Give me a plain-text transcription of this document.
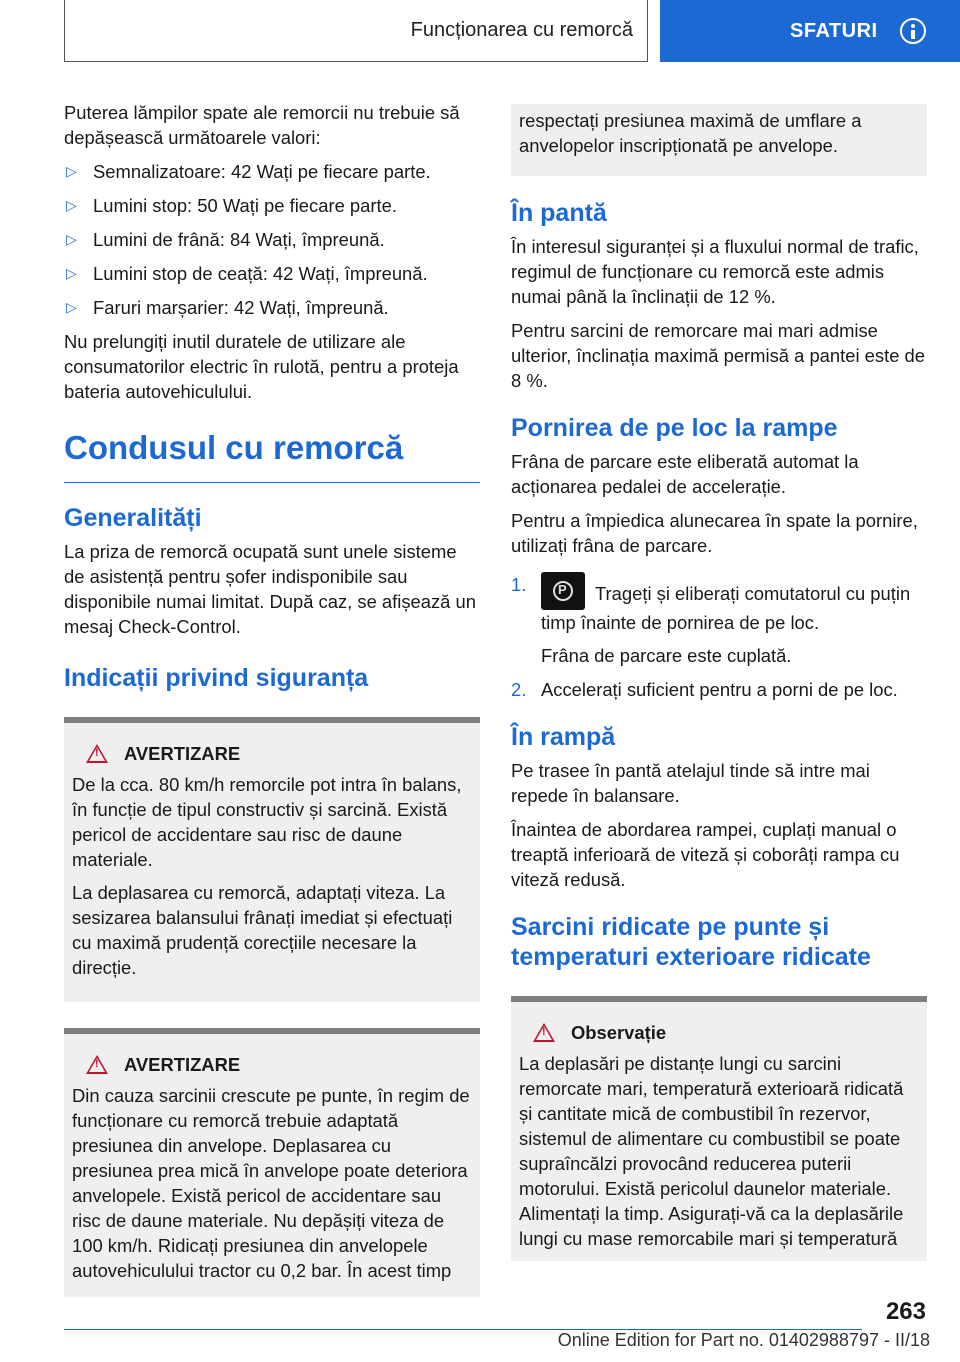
Funcționarea cu remorcă	SFATURI

Puterea lămpilor spate ale remorcii nu trebuie să depășească următoarele valori:

▷ Semnalizatoare: 42 Wați pe fiecare parte.
▷ Lumini stop: 50 Wați pe fiecare parte.
▷ Lumini de frână: 84 Wați, împreună.
▷ Lumini stop de ceață: 42 Wați, împreună.
▷ Faruri marșarier: 42 Wați, împreună.

Nu prelungiți inutil duratele de utilizare ale consumatorilor electric în rulotă, pentru a proteja bateria autovehiculului.

Condusul cu remorcă
Generalități

La priza de remorcă ocupată sunt unele sisteme de asistență pentru șofer indisponibile sau disponibile numai limitat. După caz, se afișează un mesaj Check-Control.

Indicații privind siguranța
!
AVERTIZARE

De la cca. 80 km/h remorcile pot intra în balans, în funcție de tipul constructiv și sarcină. Există pericol de accidentare sau risc de daune materiale.

La deplasarea cu remorcă, adaptați viteza. La sesizarea balansului frânați imediat și efectuați cu maximă prudență corecțiile necesare la direcție.

!
AVERTIZARE

Din cauza sarcinii crescute pe punte, în regim de funcționare cu remorcă trebuie adaptată presiunea din anvelope. Deplasarea cu presiunea prea mică în anvelope poate deteriora anvelopele. Există pericol de accidentare sau risc de daune materiale. Nu depășiți viteza de 100 km/h. Ridicați presiunea din anvelopele autovehiculului tractor cu 0,2 bar. În acest timp

respectați presiunea maximă de umflare a anvelopelor inscripționată pe anvelope.

În pantă

În interesul siguranței și a fluxului normal de trafic, regimul de funcționare cu remorcă este admis numai până la înclinații de 12 %.

Pentru sarcini de remorcare mai mari admise ulterior, înclinația maximă permisă a pantei este de 8 %.

Pornirea de pe loc la rampe

Frâna de parcare este eliberată automat la acționarea pedalei de accelerație.

Pentru a împiedica alunecarea în spate la pornire, utilizați frâna de parcare.

1.
P	Trageți și eliberați comutatorul cu puțin timp înainte de pornirea de pe loc.
Frâna de parcare este cuplată.
2. Accelerați suficient pentru a porni de pe loc.
În rampă

Pe trasee în pantă atelajul tinde să intre mai repede în balansare.

Înaintea de abordarea rampei, cuplați manual o treaptă inferioară de viteză și coborâți rampa cu viteză redusă.

Sarcini ridicate pe punte și temperaturi exterioare ridicate
!
Observație

La deplasări pe distanțe lungi cu sarcini remorcate mari, temperatură exterioară ridicată și cantitate mică de combustibil în rezervor, sistemul de alimentare cu combustibil se poate supraîncălzi provocând reducerea puterii motorului. Există pericolul daunelor materiale. Alimentați la timp. Asigurați-vă ca la deplasările lungi cu mase remorcabile mari și temperatură

263
Online Edition for Part no. 01402988797 - II/18
